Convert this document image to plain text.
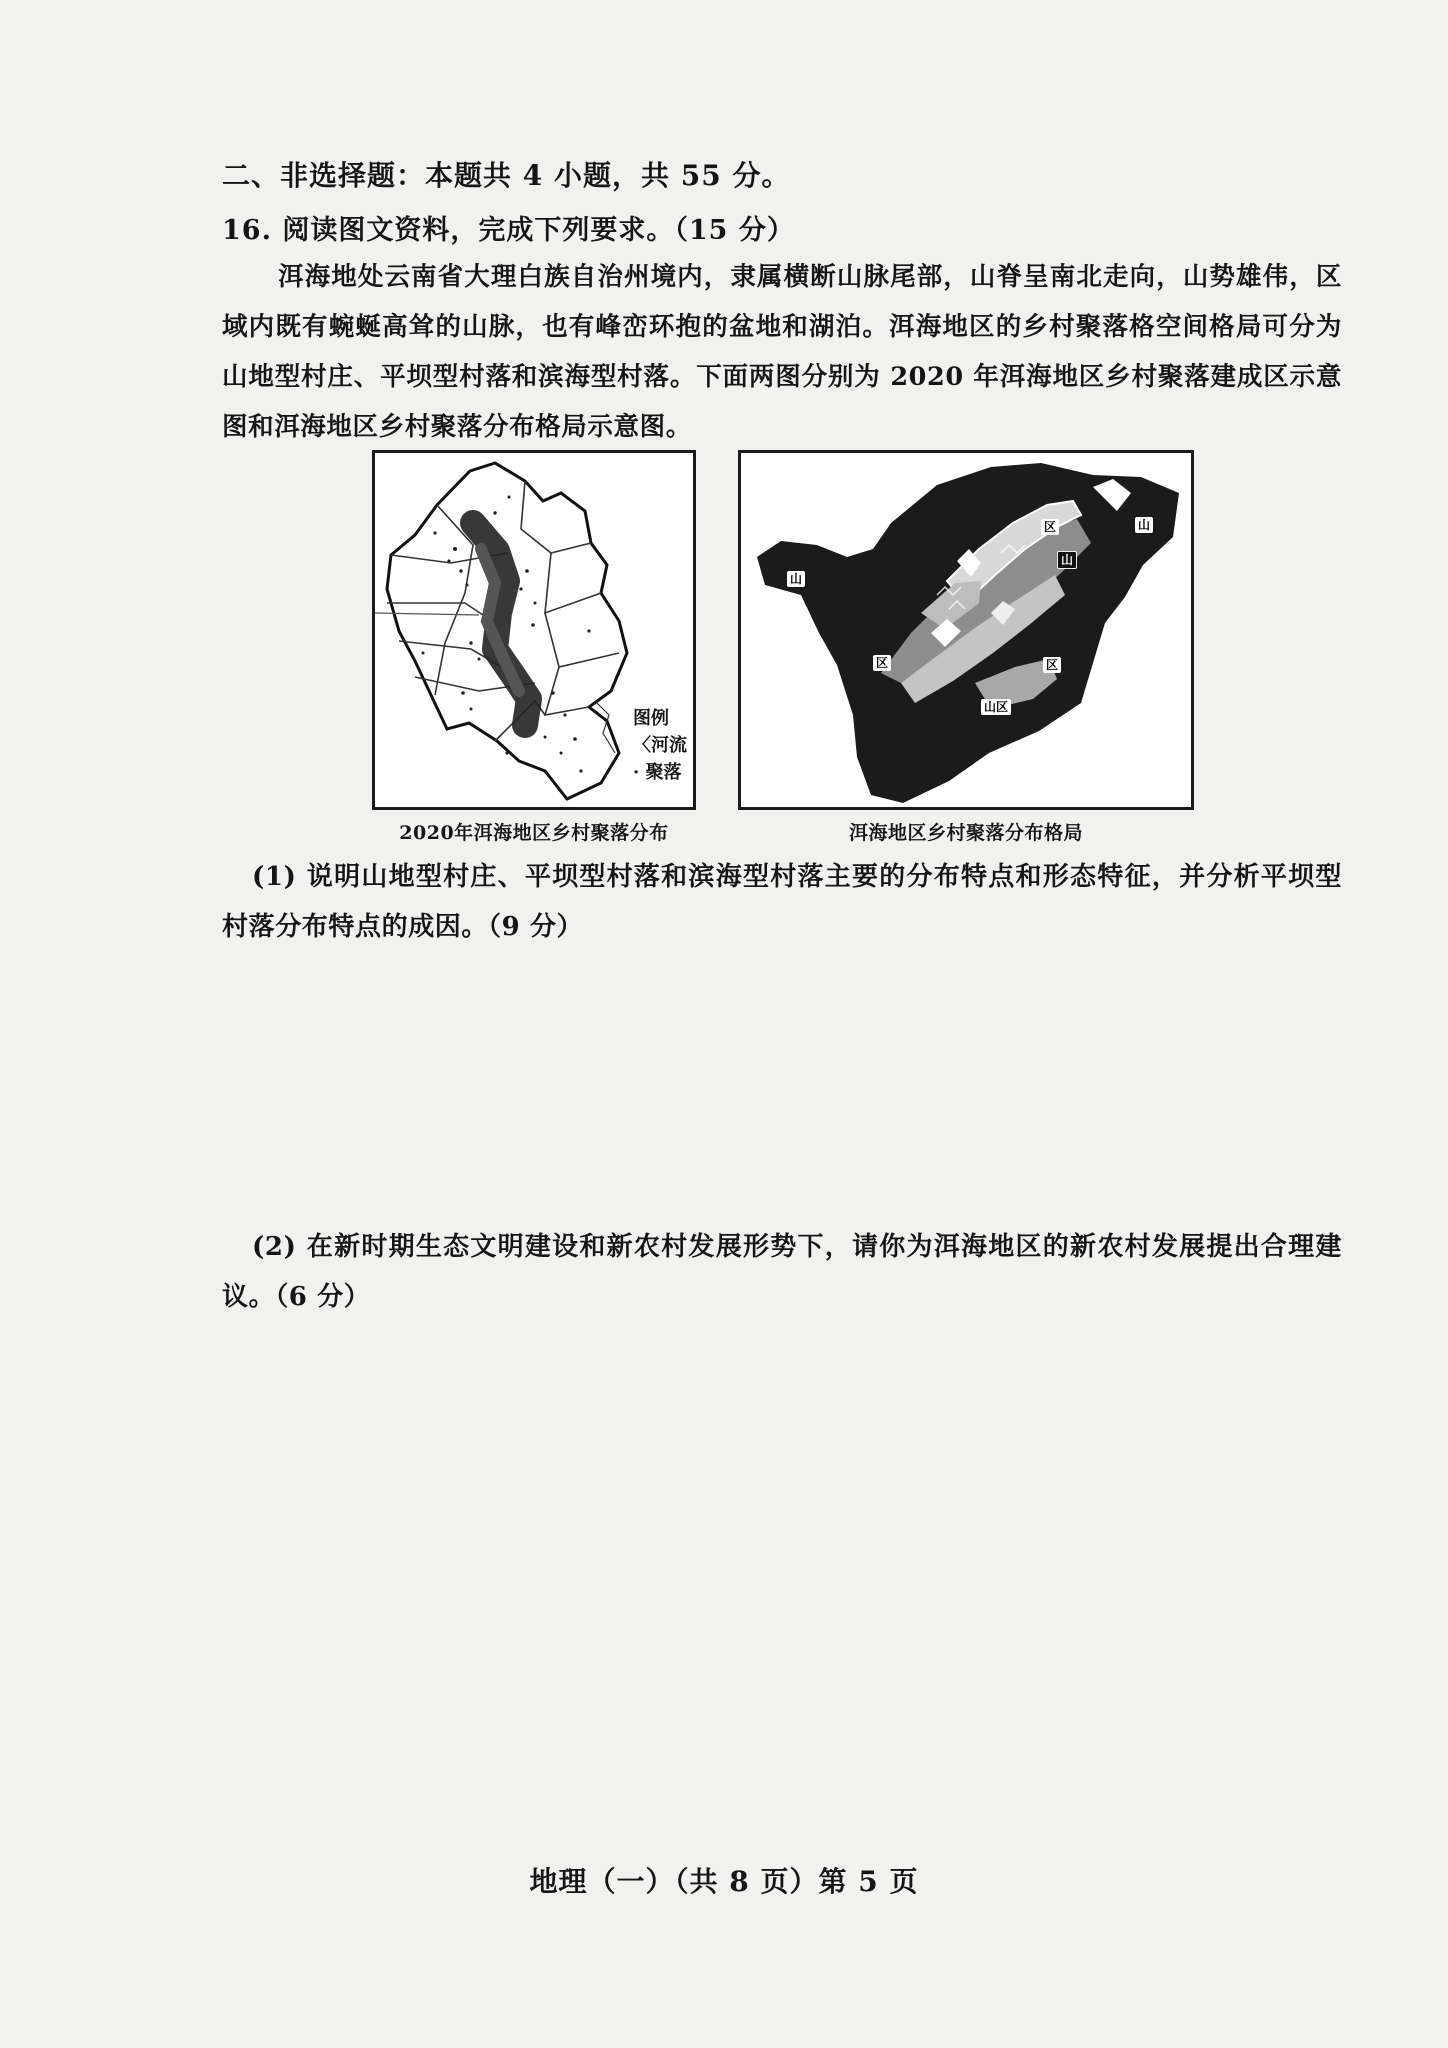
二、非选择题：本题共 4 小题，共 55 分。
16. 阅读图文资料，完成下列要求。（15 分）
洱海地处云南省大理白族自治州境内，隶属横断山脉尾部，山脊呈南北走向，山势雄伟，区域内既有蜿蜒高耸的山脉，也有峰峦环抱的盆地和湖泊。洱海地区的乡村聚落格空间格局可分为山地型村庄、平坝型村落和滨海型村落。下面两图分别为 2020 年洱海地区乡村聚落建成区示意图和洱海地区乡村聚落分布格局示意图。
图例
〈河流
· 聚落
2020年洱海地区乡村聚落分布
山
区
山
区
山区
山
区
洱海地区乡村聚落分布格局
(1) 说明山地型村庄、平坝型村落和滨海型村落主要的分布特点和形态特征，并分析平坝型村落分布特点的成因。（9 分）
(2) 在新时期生态文明建设和新农村发展形势下，请你为洱海地区的新农村发展提出合理建议。（6 分）
地理（一）（共 8 页）第 5 页
